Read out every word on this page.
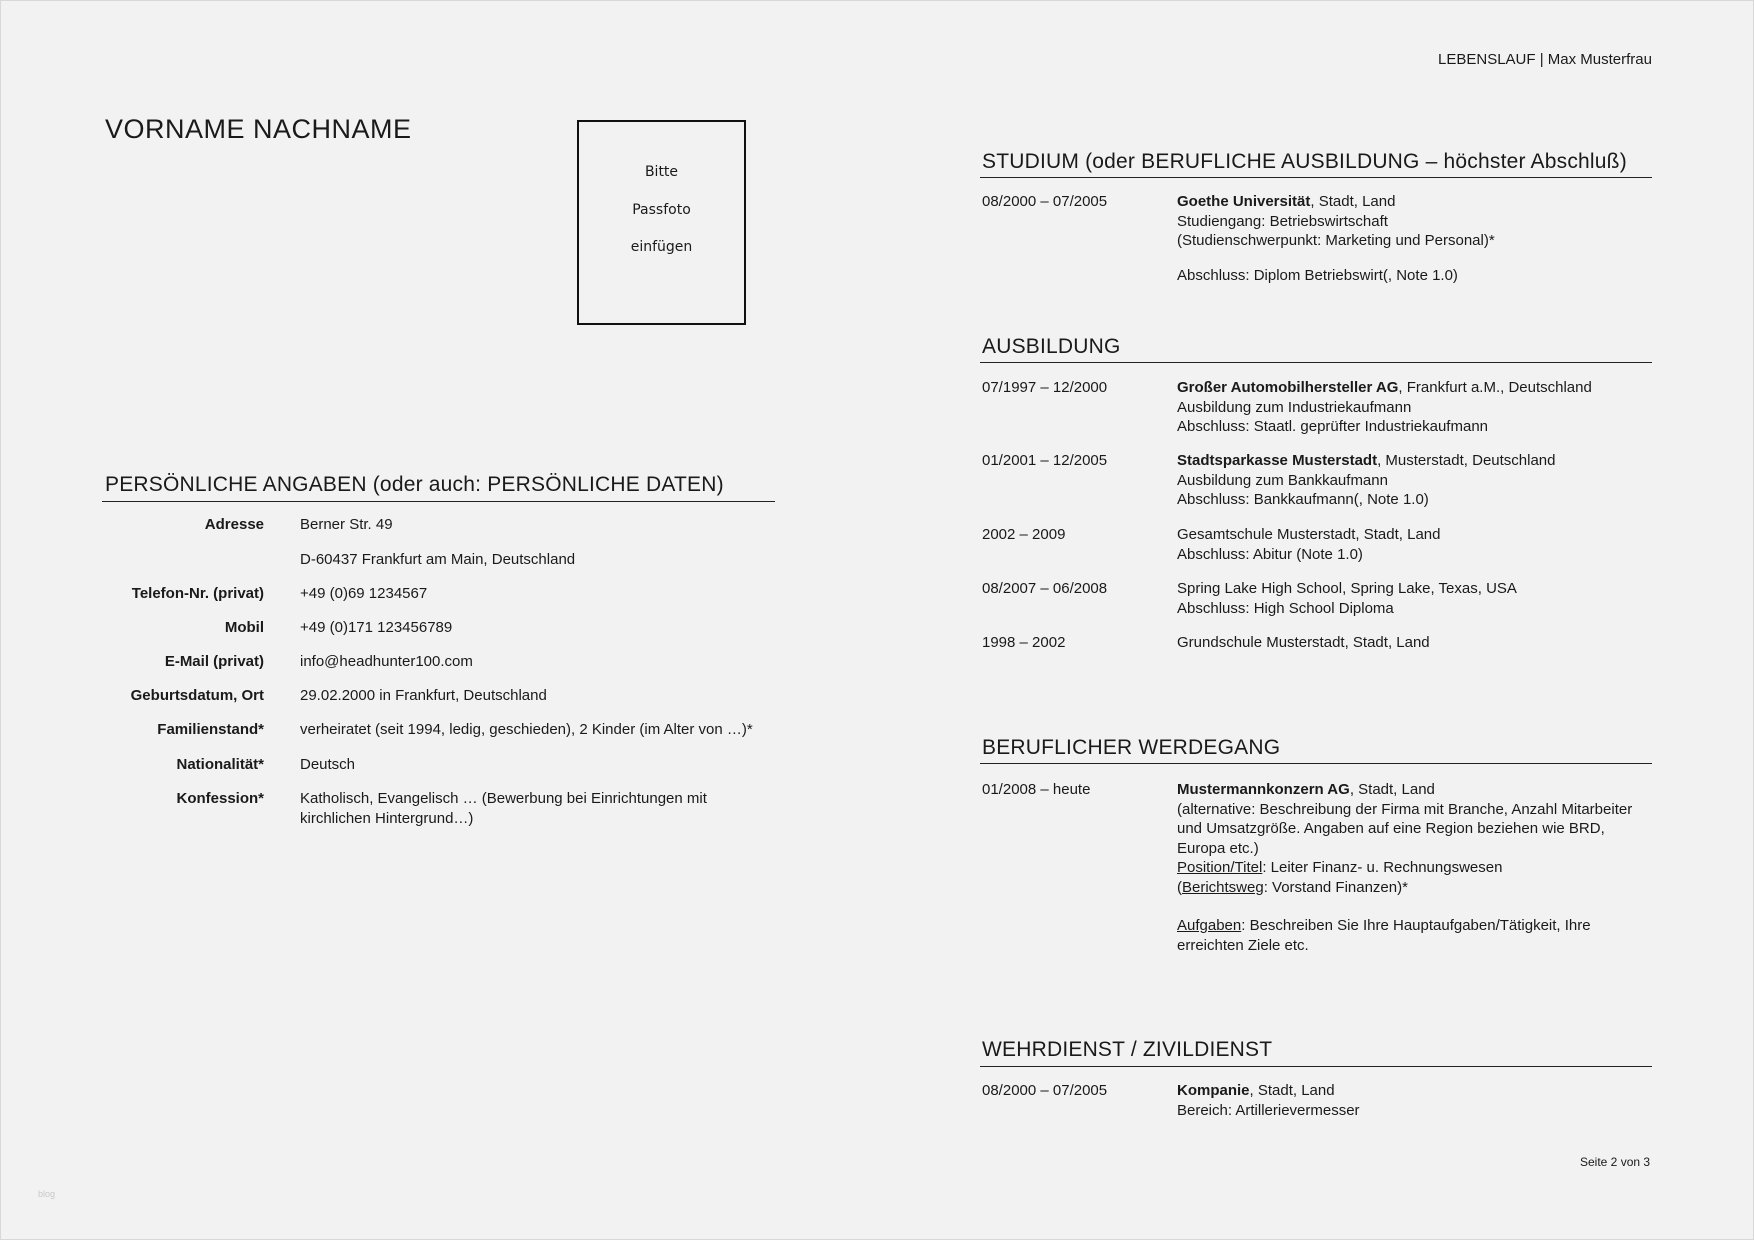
LEBENSLAUF | Max Musterfrau
VORNAME NACHNAME
Bitte
Passfoto
einfügen
PERSÖNLICHE ANGABEN (oder auch: PERSÖNLICHE DATEN)
Adresse Berner Str. 49
D-60437 Frankfurt am Main, Deutschland
Telefon-Nr. (privat) +49 (0)69 1234567
Mobil +49 (0)171 123456789
E-Mail (privat) info@headhunter100.com
Geburtsdatum, Ort 29.02.2000 in Frankfurt, Deutschland
Familienstand* verheiratet (seit 1994, ledig, geschieden), 2 Kinder (im Alter von …)*
Nationalität* Deutsch
Konfession* Katholisch, Evangelisch … (Bewerbung bei Einrichtungen mit
kirchlichen Hintergrund…)
STUDIUM (oder BERUFLICHE AUSBILDUNG – höchster Abschluß)
08/2000 – 07/2005	Goethe Universität, Stadt, Land
Studiengang: Betriebswirtschaft
(Studienschwerpunkt: Marketing und Personal)*
Abschluss: Diplom Betriebswirt(, Note 1.0)
AUSBILDUNG
07/1997 – 12/2000	Großer Automobilhersteller AG, Frankfurt a.M., Deutschland
Ausbildung zum Industriekaufmann
Abschluss: Staatl. geprüfter Industriekaufmann
01/2001 – 12/2005	Stadtsparkasse Musterstadt, Musterstadt, Deutschland
Ausbildung zum Bankkaufmann
Abschluss: Bankkaufmann(, Note 1.0)
2002 – 2009	Gesamtschule Musterstadt, Stadt, Land
Abschluss: Abitur (Note 1.0)
08/2007 – 06/2008	Spring Lake High School, Spring Lake, Texas, USA
Abschluss: High School Diploma
1998 – 2002	Grundschule Musterstadt, Stadt, Land
BERUFLICHER WERDEGANG
01/2008 – heute	Mustermannkonzern AG, Stadt, Land
(alternative: Beschreibung der Firma mit Branche, Anzahl Mitarbeiter
und Umsatzgröße. Angaben auf eine Region beziehen wie BRD,
Europa etc.)
Position/Titel: Leiter Finanz- u. Rechnungswesen
(Berichtsweg: Vorstand Finanzen)*
Aufgaben: Beschreiben Sie Ihre Hauptaufgaben/Tätigkeit, Ihre
erreichten Ziele etc.
WEHRDIENST / ZIVILDIENST
08/2000 – 07/2005	Kompanie, Stadt, Land
Bereich: Artillerievermesser
Seite 2 von 3
blog
